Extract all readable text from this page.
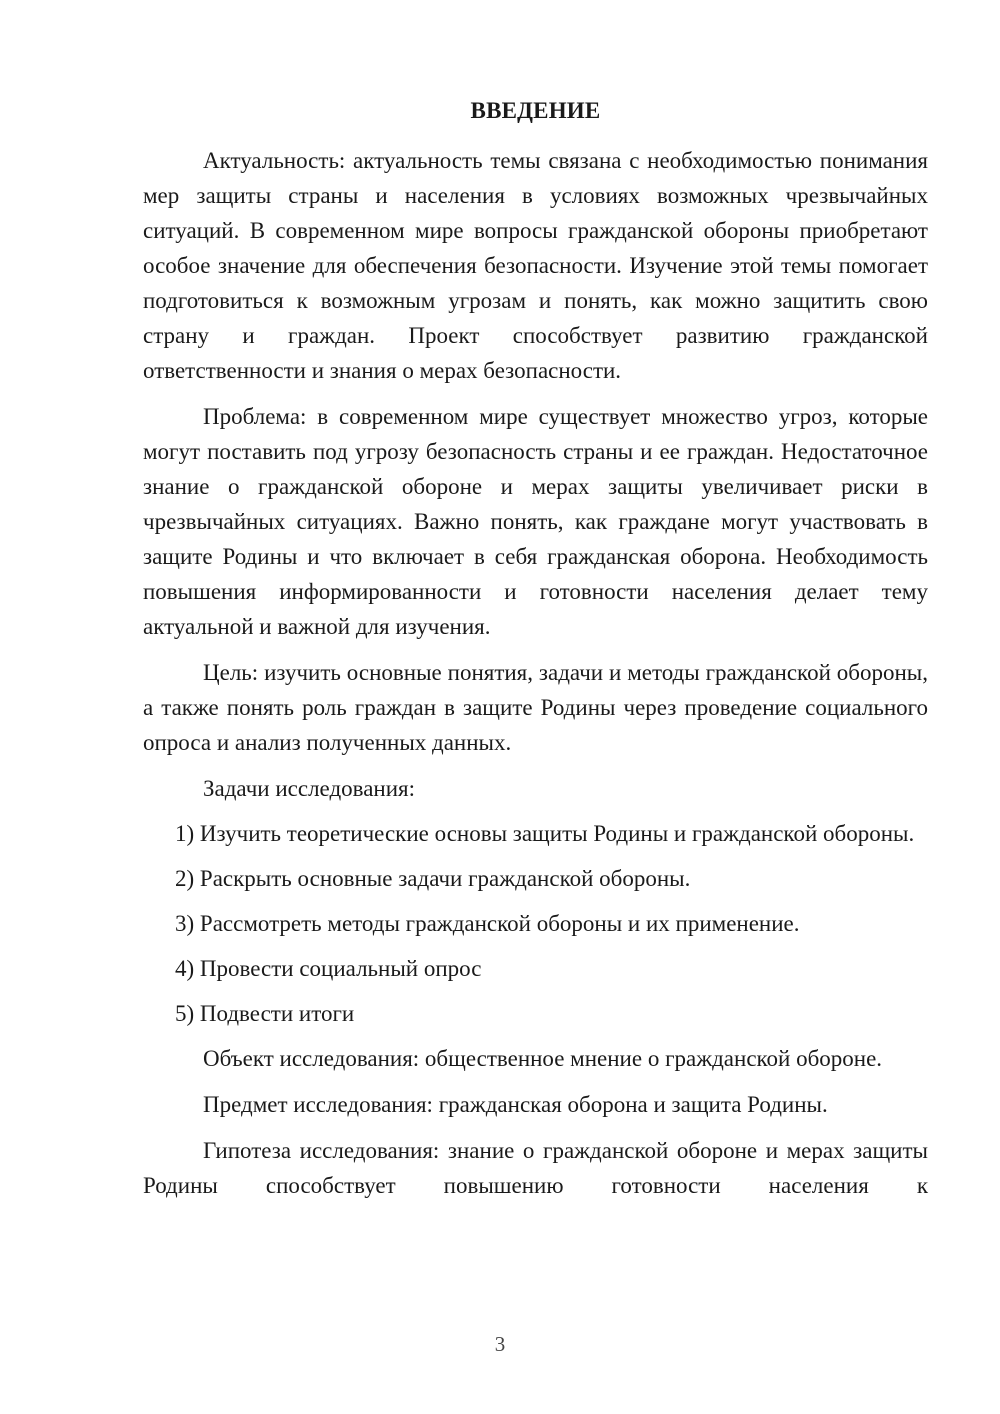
ВВЕДЕНИЕ

Актуальность: актуальность темы связана с необходимостью понимания мер защиты страны и населения в условиях возможных чрезвычайных ситуаций. В современном мире вопросы гражданской обороны приобретают особое значение для обеспечения безопасности. Изучение этой темы помогает подготовиться к возможным угрозам и понять, как можно защитить свою страну и граждан. Проект способствует развитию гражданской ответственности и знания о мерах безопасности.

Проблема: в современном мире существует множество угроз, которые могут поставить под угрозу безопасность страны и ее граждан. Недостаточное знание о гражданской обороне и мерах защиты увеличивает риски в чрезвычайных ситуациях. Важно понять, как граждане могут участвовать в защите Родины и что включает в себя гражданская оборона. Необходимость повышения информированности и готовности населения делает тему актуальной и важной для изучения.

Цель: изучить основные понятия, задачи и методы гражданской обороны, а также понять роль граждан в защите Родины через проведение социального опроса и анализ полученных данных.

Задачи исследования:

1) Изучить теоретические основы защиты Родины и гражданской обороны.

2) Раскрыть основные задачи гражданской обороны.

3) Рассмотреть методы гражданской обороны и их применение.

4) Провести социальный опрос

5) Подвести итоги

Объект исследования: общественное мнение о гражданской обороне.

Предмет исследования: гражданская оборона и защита Родины.

Гипотеза исследования: знание о гражданской обороне и мерах защиты Родины способствует повышению готовности населения к

3
